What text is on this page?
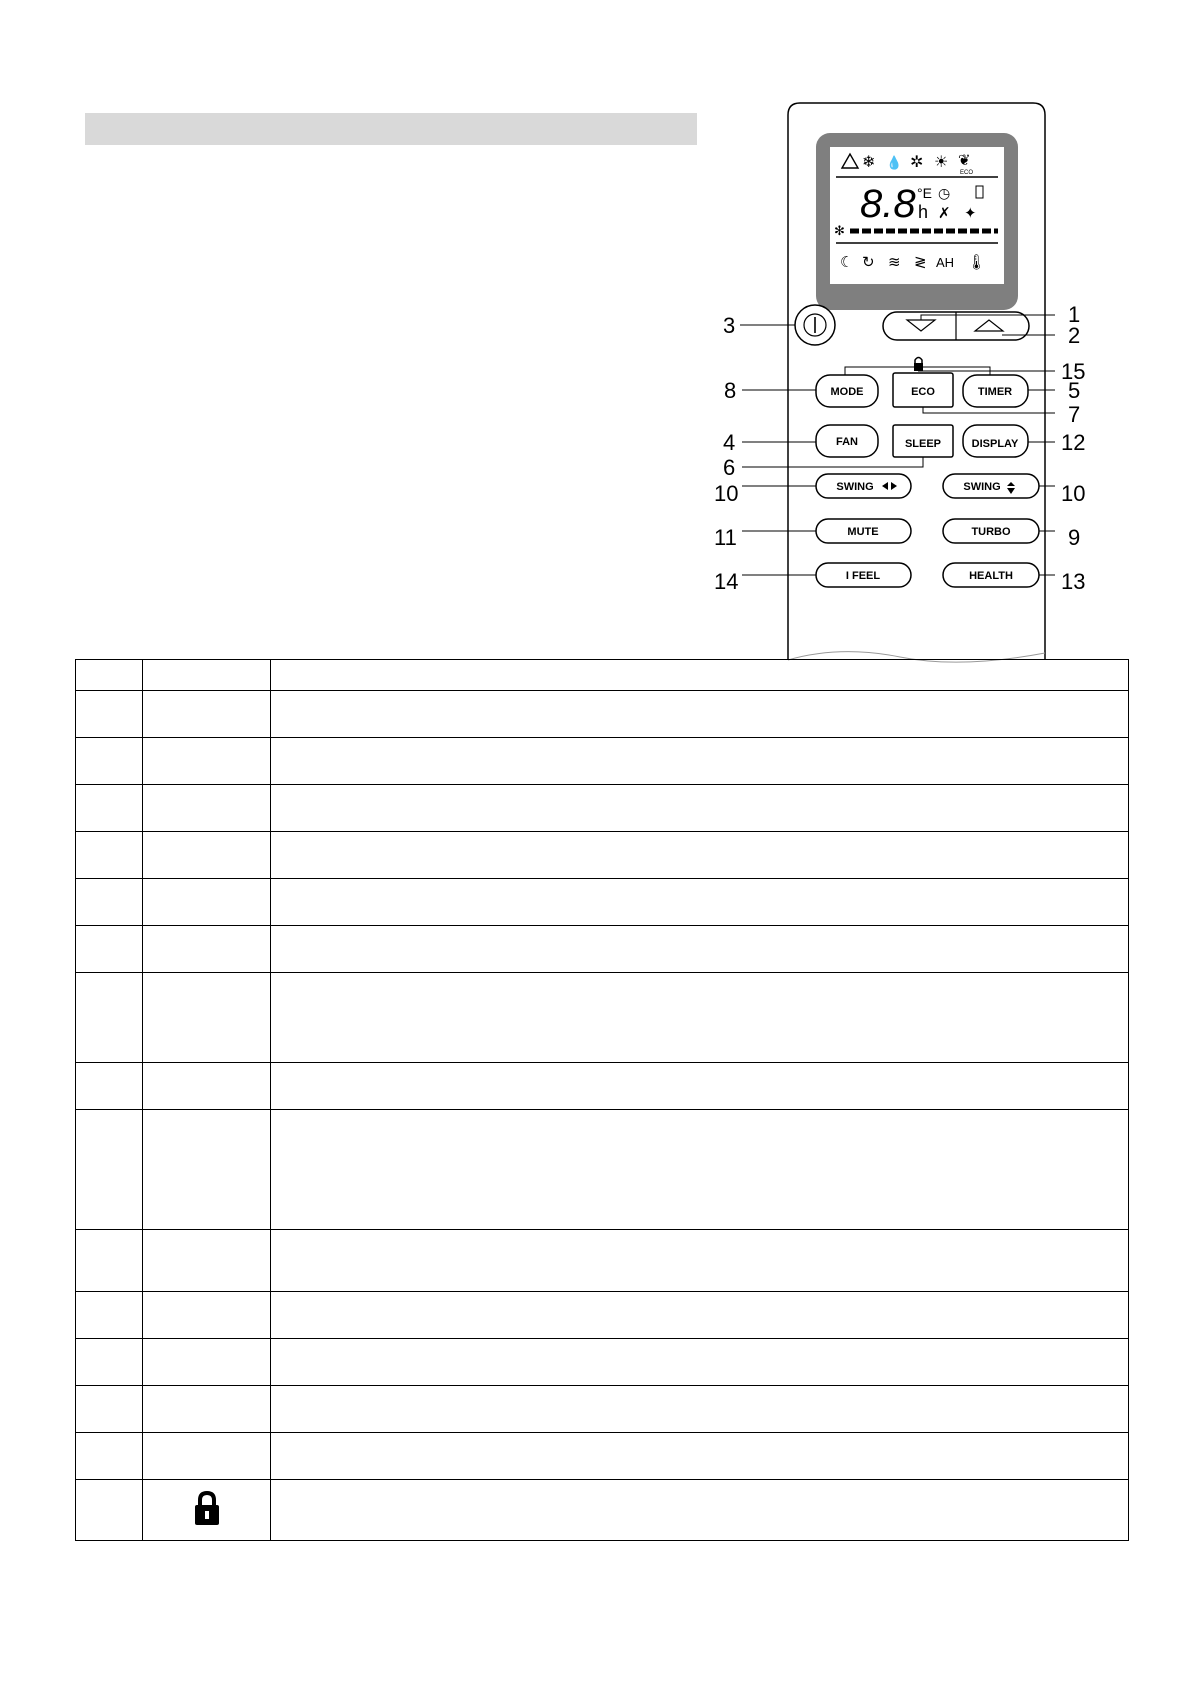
❄ 💧 ✲ ☀ ❦
ECO
8.8 °E
h
◷
✗ ✦
✻
☾ ↻ ≋ ≷ AH 🌡
MODE	ECO	TIMER
FAN	SLEEP	DISPLAY
SWING	SWING
MUTE	TURBO
I FEEL	HEALTH
1
2
3
15
8	5
7
4	12
6
10	10
11	9
14	13
